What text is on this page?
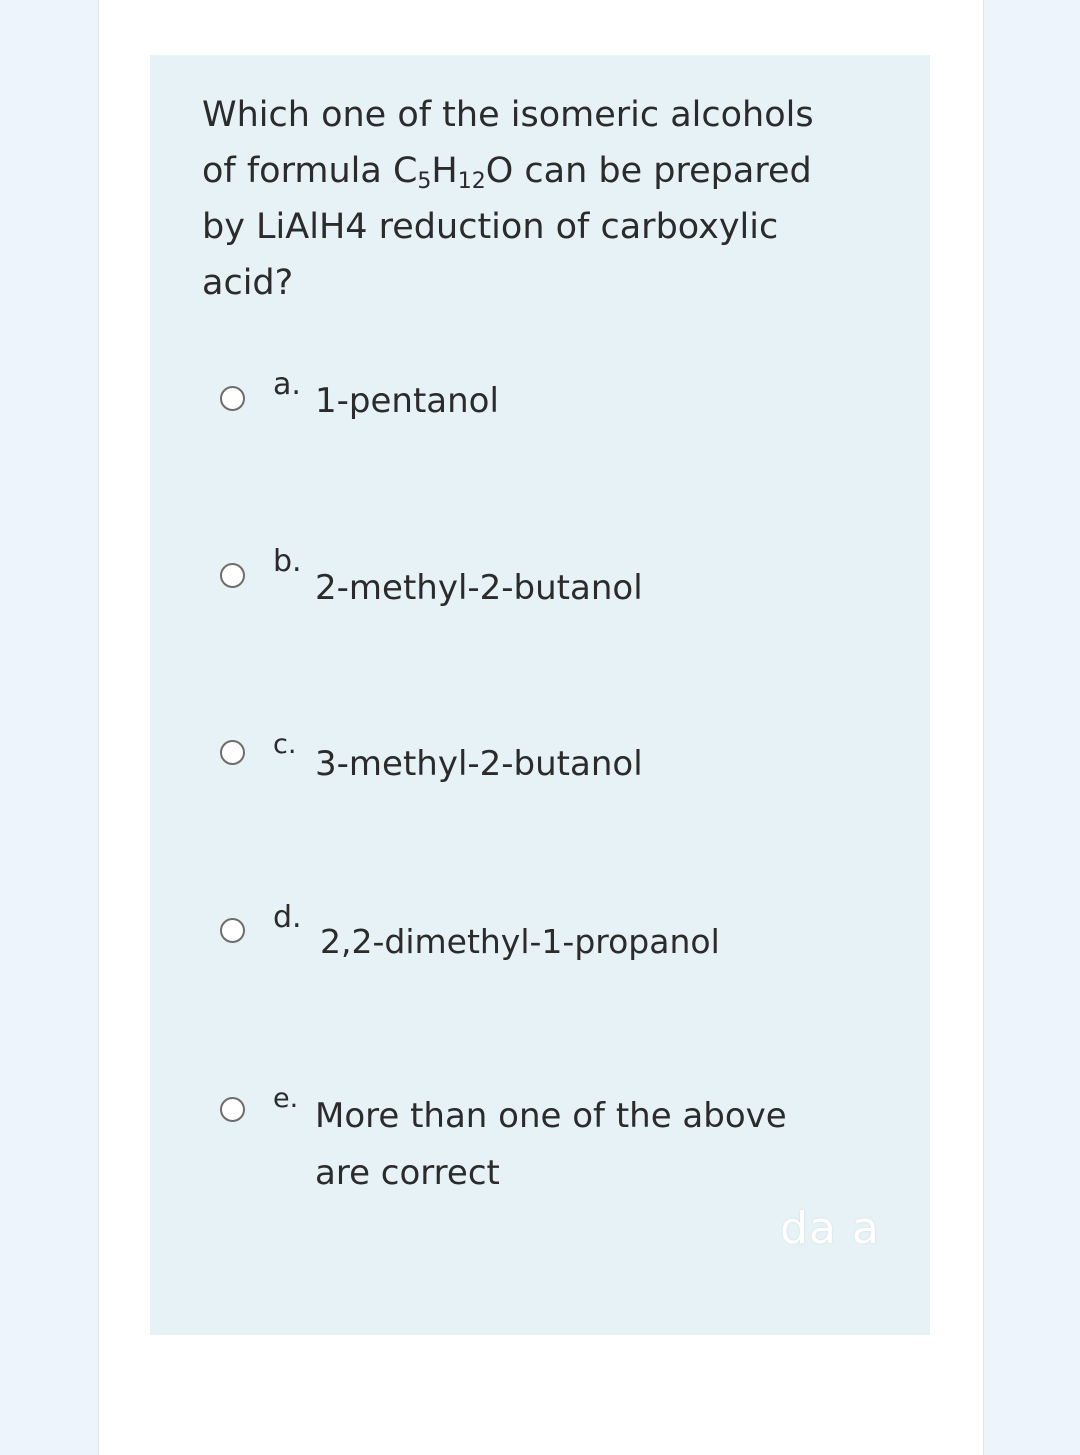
Which one of the isomeric alcohols
of formula $C_5H_{12}O$ can be prepared
by LiAlH4 reduction of carboxylic
acid?

a. 1-pentanol
b.
2-methyl-2-butanol
c. 3-methyl-2-butanol
d.
2,2-dimethyl-1-propanol
e. More than one of the above
are correct
da a
